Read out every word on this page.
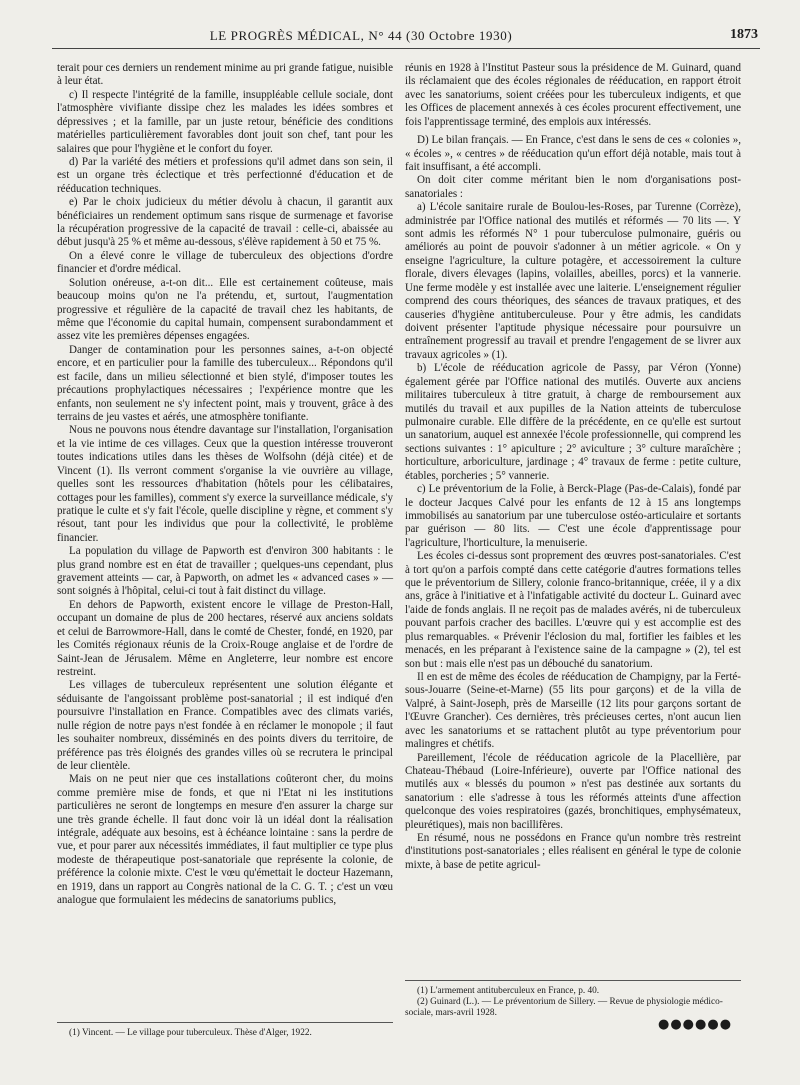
LE PROGRÈS MÉDICAL, N° 44 (30 Octobre 1930)	1873

terait pour ces derniers un rendement minime au pri grande fatigue, nuisible à leur état.

c) Il respecte l'intégrité de la famille, insuppléable cellule sociale, dont l'atmosphère vivifiante dissipe chez les malades les idées sombres et dépressives ; et la famille, par un juste retour, bénéficie des conditions matérielles particulièrement favorables dont jouit son chef, tant pour les salaires que pour l'hygiène et le confort du foyer.

d) Par la variété des métiers et professions qu'il admet dans son sein, il est un organe très éclectique et très perfectionné d'éducation et de rééducation techniques.

e) Par le choix judicieux du métier dévolu à chacun, il garantit aux bénéficiaires un rendement optimum sans risque de surmenage et favorise la récupération progressive de la capacité de travail : celle-ci, abaissée au début jusqu'à 25 % et même au-dessous, s'élève rapidement à 50 et 75 %.

On a élevé conre le village de tuberculeux des objections d'ordre financier et d'ordre médical.

Solution onéreuse, a-t-on dit... Elle est certainement coûteuse, mais beaucoup moins qu'on ne l'a prétendu, et, surtout, l'augmentation progressive et régulière de la capacité de travail chez les habitants, de même que l'économie du capital humain, compensent surabondamment et assez vite les premières dépenses engagées.

Danger de contamination pour les personnes saines, a-t-on objecté encore, et en particulier pour la famille des tuberculeux... Répondons qu'il est facile, dans un milieu sélectionné et bien stylé, d'imposer toutes les précautions prophylactiques nécessaires ; l'expérience montre que les enfants, non seulement ne s'y infectent point, mais y trouvent, grâce à des terrains de jeu vastes et aérés, une atmosphère tonifiante.

Nous ne pouvons nous étendre davantage sur l'installation, l'organisation et la vie intime de ces villages. Ceux que la question intéresse trouveront toutes indications utiles dans les thèses de Wolfsohn (déjà citée) et de Vincent (1). Ils verront comment s'organise la vie ouvrière au village, quelles sont les ressources d'habitation (hôtels pour les célibataires, cottages pour les familles), comment s'y exerce la surveillance médicale, s'y pratique le culte et s'y fait l'école, quelle discipline y règne, et comment s'y résout, tant pour les individus que pour la collectivité, le problème financier.

La population du village de Papworth est d'environ 300 habitants : le plus grand nombre est en état de travailler ; quelques-uns cependant, plus gravement atteints — car, à Papworth, on admet les « advanced cases » — sont soignés à l'hôpital, celui-ci tout à fait distinct du village.

En dehors de Papworth, existent encore le village de Preston-Hall, occupant un domaine de plus de 200 hectares, réservé aux anciens soldats et celui de Barrowmore-Hall, dans le comté de Chester, fondé, en 1920, par les Comités régionaux réunis de la Croix-Rouge anglaise et de l'ordre de Saint-Jean de Jérusalem. Même en Angleterre, leur nombre est encore restreint.

Les villages de tuberculeux représentent une solution élégante et séduisante de l'angoissant problème post-sanatorial ; il est indiqué d'en poursuivre l'installation en France. Compatibles avec des climats variés, nulle région de notre pays n'est fondée à en réclamer le monopole ; il faut les souhaiter nombreux, disséminés en des points divers du territoire, de préférence pas très éloignés des grandes villes où se recrutera le principal de leur clientèle.

Mais on ne peut nier que ces installations coûteront cher, du moins comme première mise de fonds, et que ni l'Etat ni les institutions particulières ne seront de longtemps en mesure d'en assurer la charge sur une très grande échelle. Il faut donc voir là un idéal dont la réalisation intégrale, adéquate aux besoins, est à échéance lointaine : sans la perdre de vue, et pour parer aux nécessités immédiates, il faut multiplier ce type plus modeste de thérapeutique post-sanatoriale que représente la colonie, de préférence la colonie mixte. C'est le vœu qu'émettait le docteur Hazemann, en 1919, dans un rapport au Congrès national de la C. G. T. ; c'est un vœu analogue que formulaient les médecins de sanatoriums publics,

réunis en 1928 à l'Institut Pasteur sous la présidence de M. Guinard, quand ils réclamaient que des écoles régionales de rééducation, en rapport étroit avec les sanatoriums, soient créées pour les tuberculeux indigents, et que les Offices de placement annexés à ces écoles procurent effectivement, une fois l'apprentissage terminé, des emplois aux intéressés.

D) Le bilan français. — En France, c'est dans le sens de ces « colonies », « écoles », « centres » de rééducation qu'un effort déjà notable, mais tout à fait insuffisant, a été accompli.

On doit citer comme méritant bien le nom d'organisations post-sanatoriales :

a) L'école sanitaire rurale de Boulou-les-Roses, par Turenne (Corrèze), administrée par l'Office national des mutilés et réformés — 70 lits —. Y sont admis les réformés N° 1 pour tuberculose pulmonaire, guéris ou améliorés au point de pouvoir s'adonner à un métier agricole. « On y enseigne l'agriculture, la culture potagère, et accessoirement la culture florale, divers élevages (lapins, volailles, abeilles, porcs) et la vannerie. Une ferme modèle y est installée avec une laiterie. L'enseignement régulier comprend des cours théoriques, des séances de travaux pratiques, et des causeries d'hygiène antituberculeuse. Pour y être admis, les candidats doivent présenter l'aptitude physique nécessaire pour poursuivre un entraînement progressif au travail et prendre l'engagement de se livrer aux travaux agricoles » (1).

b) L'école de rééducation agricole de Passy, par Véron (Yonne) également gérée par l'Office national des mutilés. Ouverte aux anciens militaires tuberculeux à titre gratuit, à charge de remboursement aux mutilés du travail et aux pupilles de la Nation atteints de tuberculose pulmonaire curable. Elle diffère de la précédente, en ce qu'elle est surtout un sanatorium, auquel est annexée l'école professionnelle, qui comprend les sections suivantes : 1° apiculture ; 2° aviculture ; 3° culture maraîchère ; horticulture, arboriculture, jardinage ; 4° travaux de ferme : petite culture, étables, porcheries ; 5° vannerie.

c) Le préventorium de la Folie, à Berck-Plage (Pas-de-Calais), fondé par le docteur Jacques Calvé pour les enfants de 12 à 15 ans longtemps immobilisés au sanatorium par une tuberculose ostéo-articulaire et sortants par guérison — 80 lits. — C'est une école d'apprentissage pour l'agriculture, l'horticulture, la menuiserie.

Les écoles ci-dessus sont proprement des œuvres post-sanatoriales. C'est à tort qu'on a parfois compté dans cette catégorie d'autres formations telles que le préventorium de Sillery, colonie franco-britannique, créée, il y a dix ans, grâce à l'initiative et à l'infatigable activité du docteur L. Guinard avec l'aide de fonds anglais. Il ne reçoit pas de malades avérés, ni de tuberculeux pouvant parfois cracher des bacilles. L'œuvre qui y est accomplie est des plus remarquables. « Prévenir l'éclosion du mal, fortifier les faibles et les menacés, en les préparant à l'existence saine de la campagne » (2), tel est son but : mais elle n'est pas un débouché du sanatorium.

Il en est de même des écoles de rééducation de Champigny, par la Ferté-sous-Jouarre (Seine-et-Marne) (55 lits pour garçons) et de la villa de Valpré, à Saint-Joseph, près de Marseille (12 lits pour garçons sortant de l'Œuvre Grancher). Ces dernières, très précieuses certes, n'ont aucun lien avec les sanatoriums et se rattachent plutôt au type préventorium pour malingres et chétifs.

Pareillement, l'école de rééducation agricole de la Placellière, par Chateau-Thébaud (Loire-Inférieure), ouverte par l'Office national des mutilés aux « blessés du poumon » n'est pas destinée aux sortants du sanatorium : elle s'adresse à tous les réformés atteints d'une affection quelconque des voies respiratoires (gazés, bronchitiques, emphysémateux, pleurétiques), mais non bacillifères.

En résumé, nous ne possédons en France qu'un nombre très restreint d'institutions post-sanatoriales ; elles réalisent en général le type de colonie mixte, à base de petite agricul-

(1) L'armement antituberculeux en France, p. 40.

(2) Guinard (L.). — Le préventorium de Sillery. — Revue de physiologie médico-sociale, mars-avril 1928.

(1) Vincent. — Le village pour tuberculeux. Thèse d'Alger, 1922.

●●●●●●
